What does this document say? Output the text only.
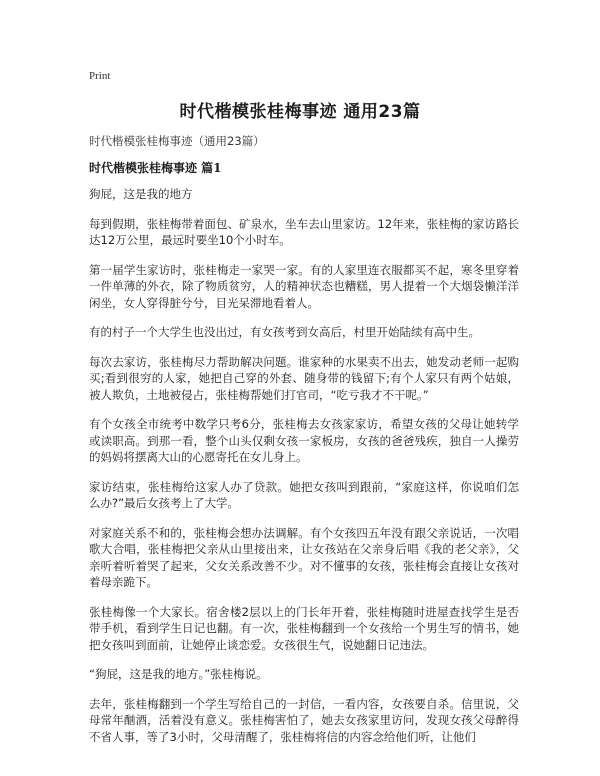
Print
时代楷模张桂梅事迹 通用23篇
时代楷模张桂梅事迹（通用23篇）
时代楷模张桂梅事迹 篇1

狗屁，这是我的地方

每到假期，张桂梅带着面包、矿泉水，坐车去山里家访。12年来，张桂梅的家访路长达12万公里，最远时要坐10个小时车。

第一届学生家访时，张桂梅走一家哭一家。有的人家里连衣服都买不起，寒冬里穿着一件单薄的外衣，除了物质贫穷，人的精神状态也糟糕，男人提着一个大烟袋懒洋洋闲坐，女人穿得脏兮兮，目光呆滞地看着人。

有的村子一个大学生也没出过，有女孩考到女高后，村里开始陆续有高中生。

每次去家访，张桂梅尽力帮助解决问题。谁家种的水果卖不出去，她发动老师一起购买;看到很穷的人家，她把自己穿的外套、随身带的钱留下;有个人家只有两个姑娘，被人欺负，土地被侵占，张桂梅帮她们打官司，“吃亏我才不干呢。”

有个女孩全市统考中数学只考6分，张桂梅去女孩家家访，希望女孩的父母让她转学或读职高。到那一看，整个山头仅剩女孩一家板房，女孩的爸爸残疾，独自一人操劳的妈妈将摆离大山的心愿寄托在女儿身上。

家访结束，张桂梅给这家人办了贷款。她把女孩叫到跟前，“家庭这样，你说咱们怎么办?”最后女孩考上了大学。

对家庭关系不和的，张桂梅会想办法调解。有个女孩四五年没有跟父亲说话，一次唱歌大合唱，张桂梅把父亲从山里接出来，让女孩站在父亲身后唱《我的老父亲》，父亲听着听着哭了起来，父女关系改善不少。对不懂事的女孩，张桂梅会直接让女孩对着母亲跪下。

张桂梅像一个大家长。宿舍楼2层以上的门长年开着，张桂梅随时进屋查找学生是否带手机，看到学生日记也翻。有一次，张桂梅翻到一个女孩给一个男生写的情书，她把女孩叫到面前，让她停止谈恋爱。女孩很生气，说她翻日记违法。

“狗屁，这是我的地方。”张桂梅说。

去年，张桂梅翻到一个学生写给自己的一封信，一看内容，女孩要自杀。信里说，父母常年酗酒，活着没有意义。张桂梅害怕了，她去女孩家里访问，发现女孩父母醉得不省人事，等了3小时，父母清醒了，张桂梅将信的内容念给他们听，让他们
